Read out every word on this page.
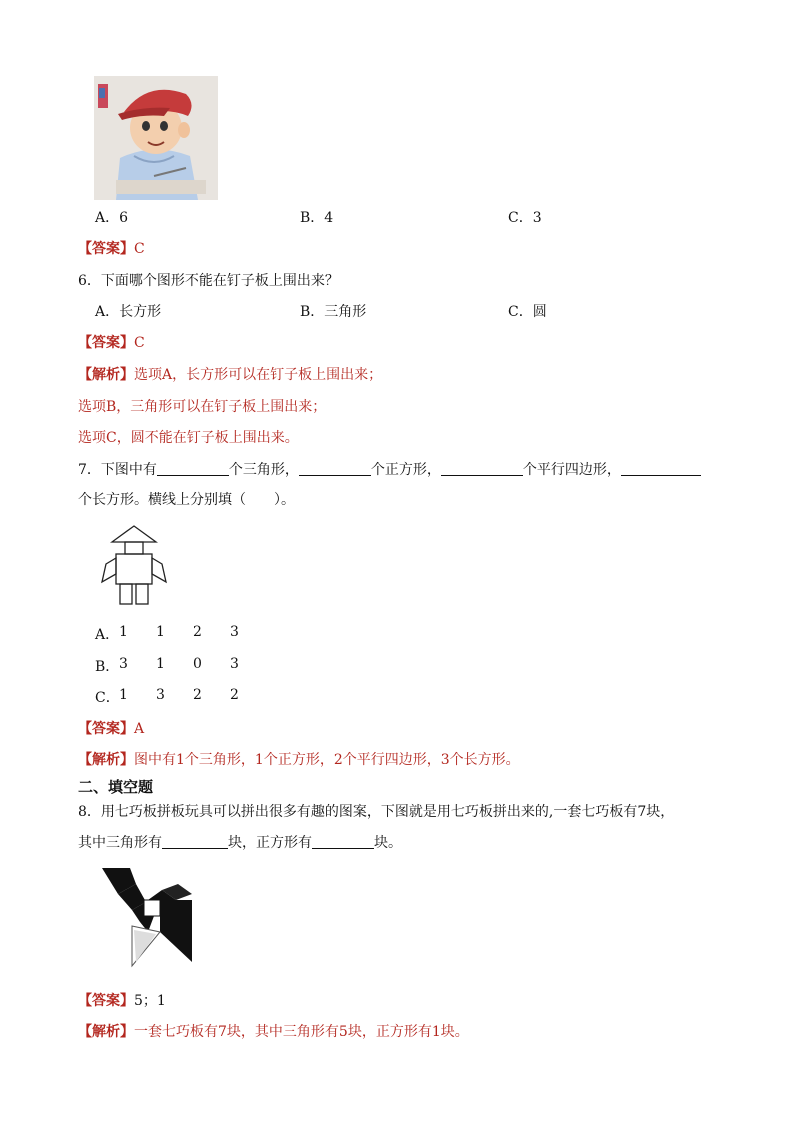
A．6	B．4	C．3
【答案】C
6．下面哪个图形不能在钉子板上围出来？
A．长方形	B．三角形	C．圆
【答案】C
【解析】选项A，长方形可以在钉子板上围出来；
选项B，三角形可以在钉子板上围出来；
选项C，圆不能在钉子板上围出来。
7．下图中有	个三角形，	个正方形，	个平行四边形，
个长方形。横线上分别填（　　）。
A． 1 1 2 3
B． 3 1 0 3
C． 1 3 2 2
【答案】A
【解析】图中有1个三角形，1个正方形，2个平行四边形，3个长方形。
二、填空题
8．用七巧板拼板玩具可以拼出很多有趣的图案，下图就是用七巧板拼出来的,一套七巧板有7块，
其中三角形有	块，正方形有	块。
【答案】5；1
【解析】一套七巧板有7块，其中三角形有5块，正方形有1块。
